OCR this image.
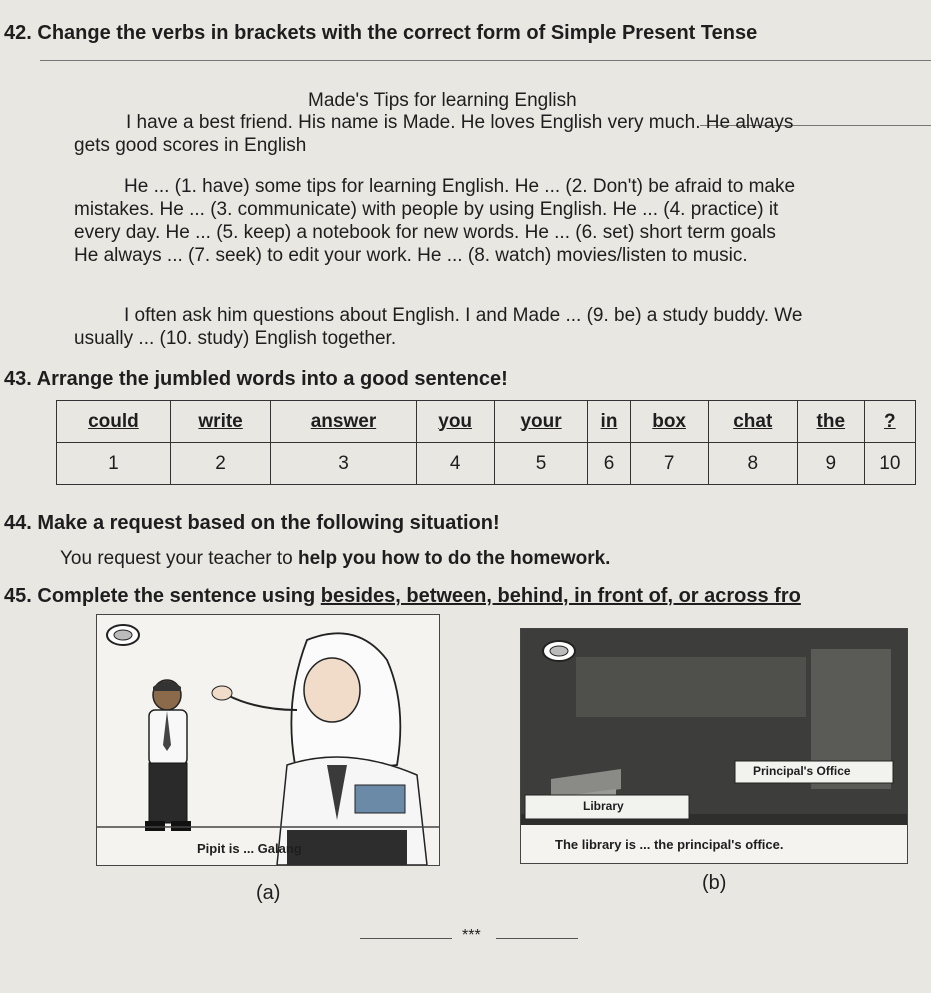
42. Change the verbs in brackets with the correct form of Simple Present Tense
Made's Tips for learning English
I have a best friend. His name is Made. He loves English very much. He always
gets good scores in English
He ... (1. have) some tips for learning English. He ... (2. Don't) be afraid to make
mistakes. He ... (3. communicate) with people by using English. He ... (4. practice) it
every day. He ... (5. keep) a notebook for new words. He ... (6. set) short term goals
He always ... (7. seek) to edit your work. He ... (8. watch) movies/listen to music.
I often ask him questions about English. I and Made ... (9. be) a study buddy. We
usually ... (10. study) English together.
43. Arrange the jumbled words into a good sentence!
could	write	answer	you	your	in	box	chat	the	?
1	2	3	4	5	6	7	8	9	10
44. Make a request based on the following situation!
You request your teacher to help you how to do the homework.
45. Complete the sentence using besides, between, behind, in front of, or across fro
Pipit is ... Galang
Principal's Office
Library
The library is ... the principal's office.
(a)	(b)
***
